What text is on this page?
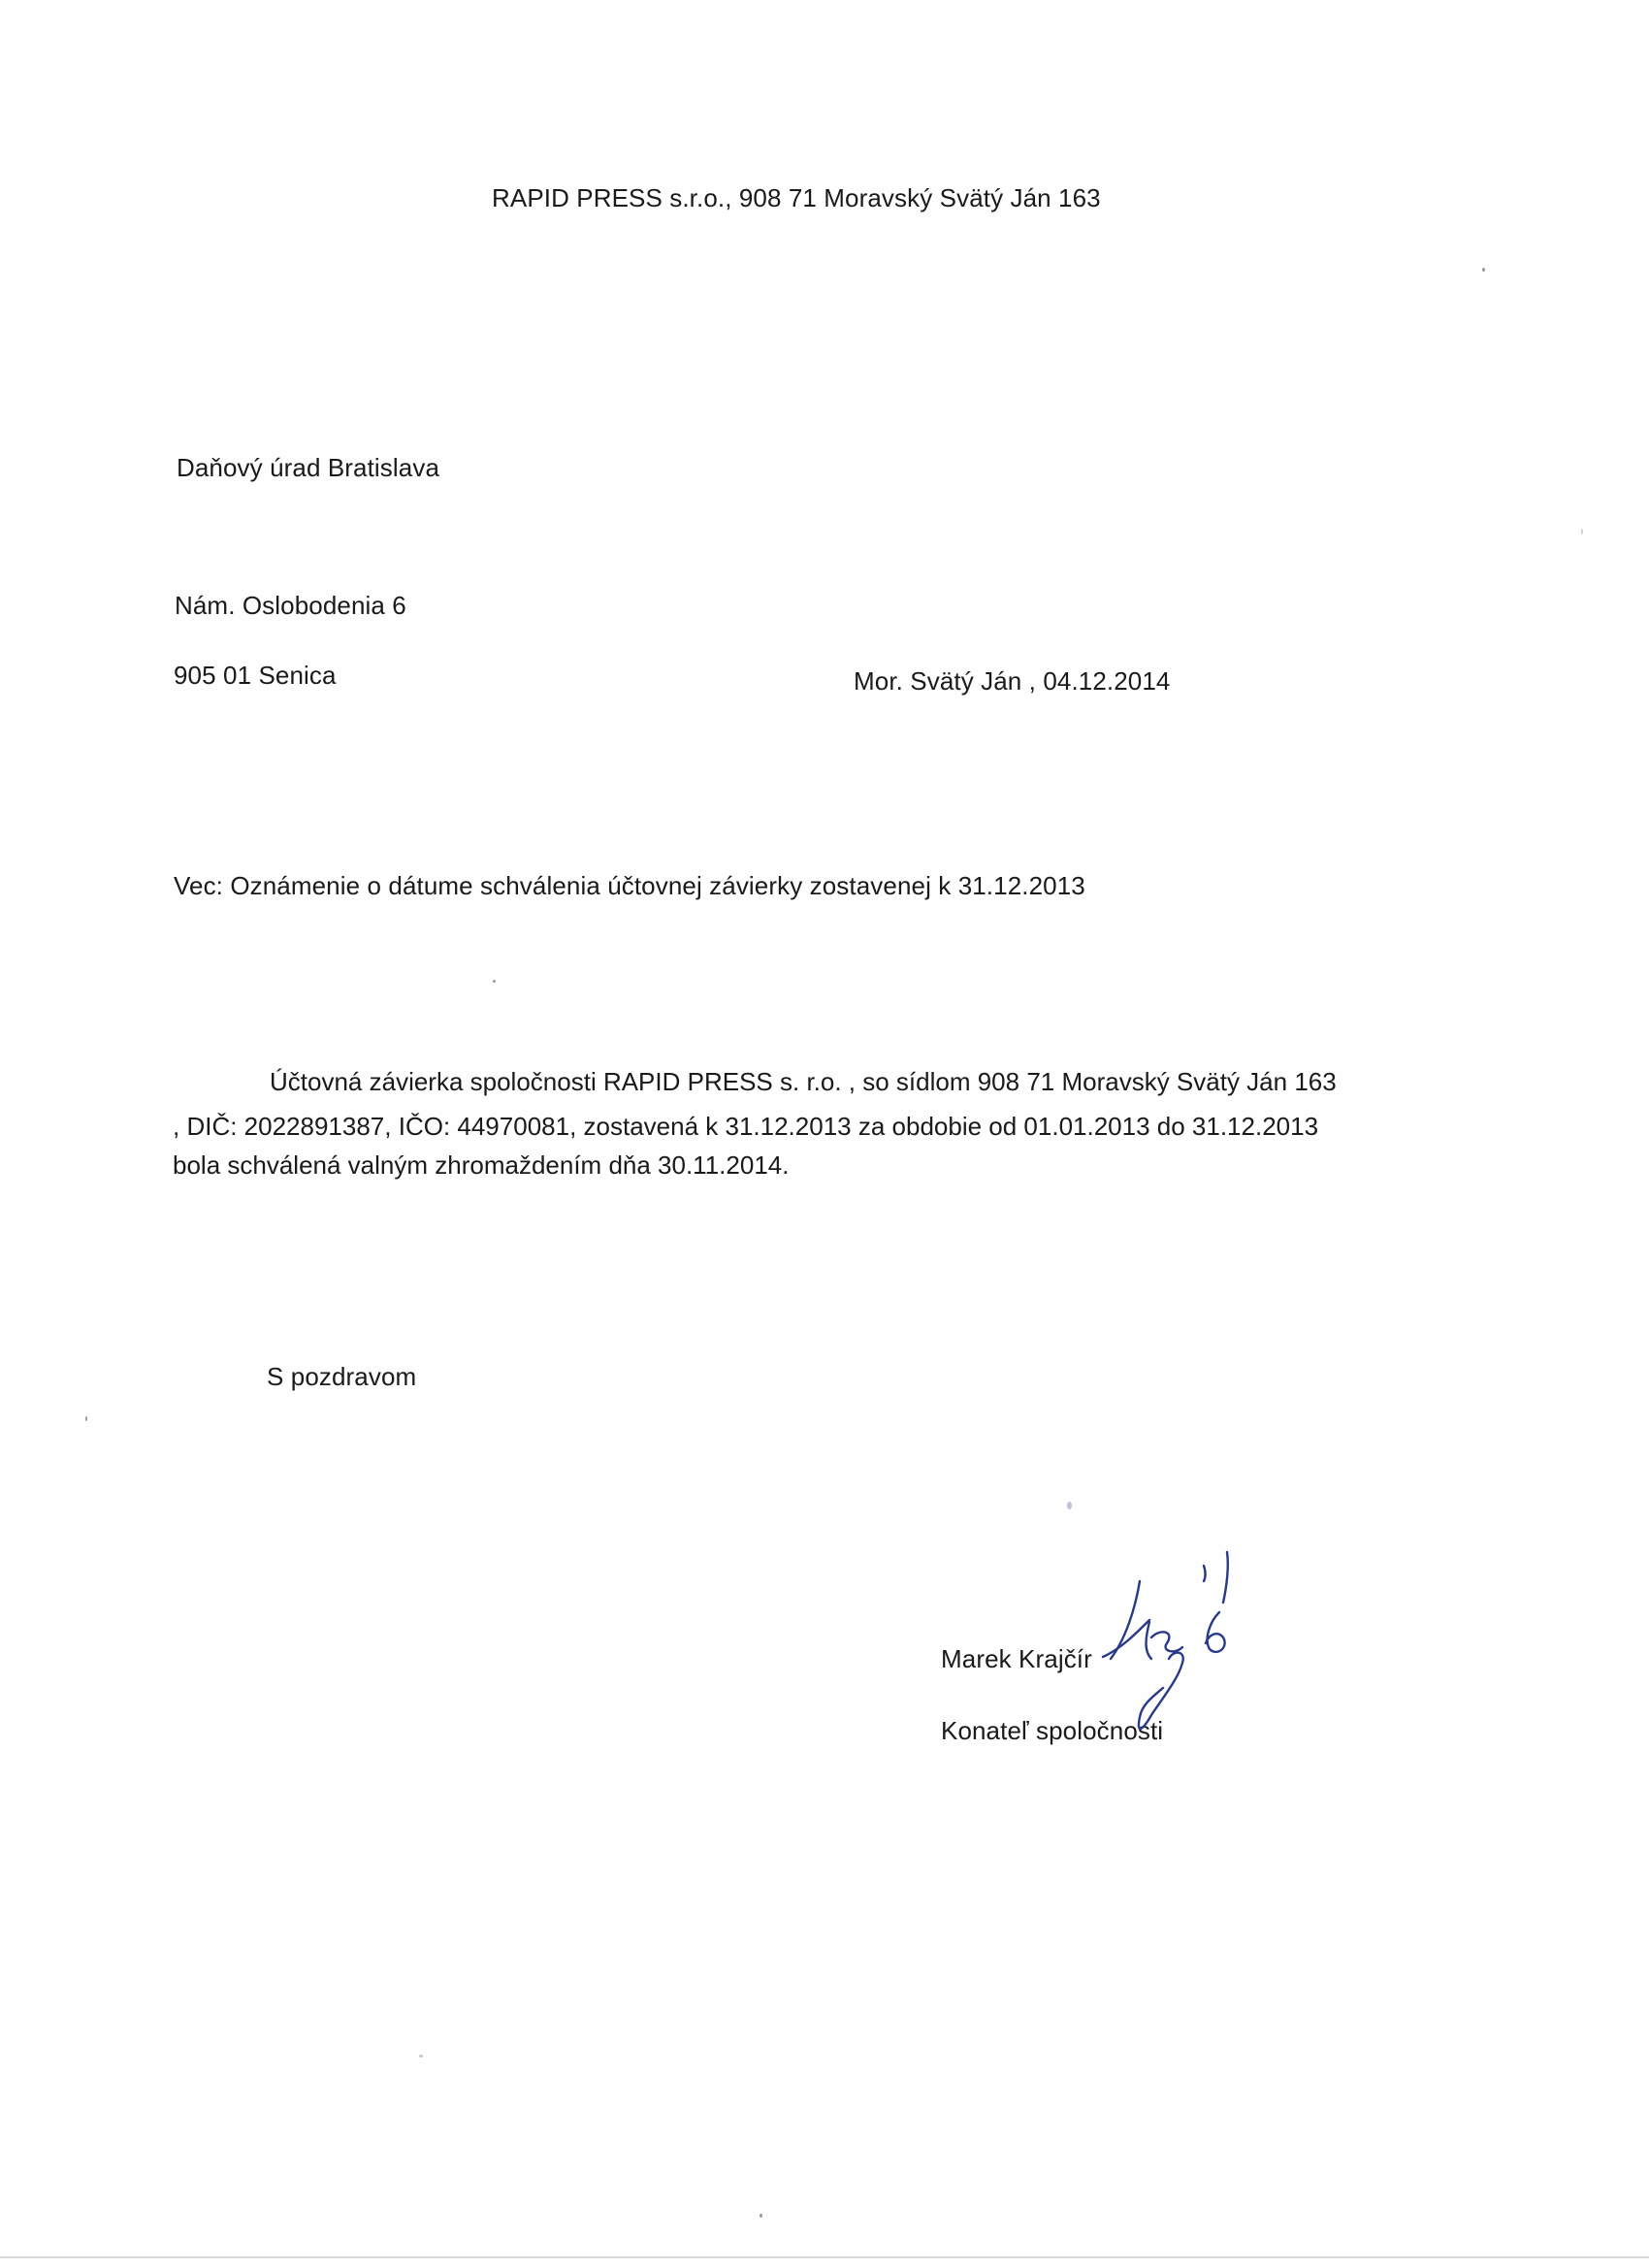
RAPID PRESS s.r.o., 908 71 Moravský Svätý Ján 163
Daňový úrad Bratislava
Nám. Oslobodenia 6
905 01 Senica	Mor. Svätý Ján , 04.12.2014
Vec: Oznámenie o dátume schválenia účtovnej závierky zostavenej k 31.12.2013
Účtovná závierka spoločnosti RAPID PRESS s. r.o. , so sídlom 908 71 Moravský Svätý Ján 163
, DIČ: 2022891387, IČO: 44970081, zostavená k 31.12.2013 za obdobie od 01.01.2013 do 31.12.2013
bola schválená valným zhromaždením dňa 30.11.2014.
S pozdravom
Marek Krajčír
Konateľ spoločnosti
